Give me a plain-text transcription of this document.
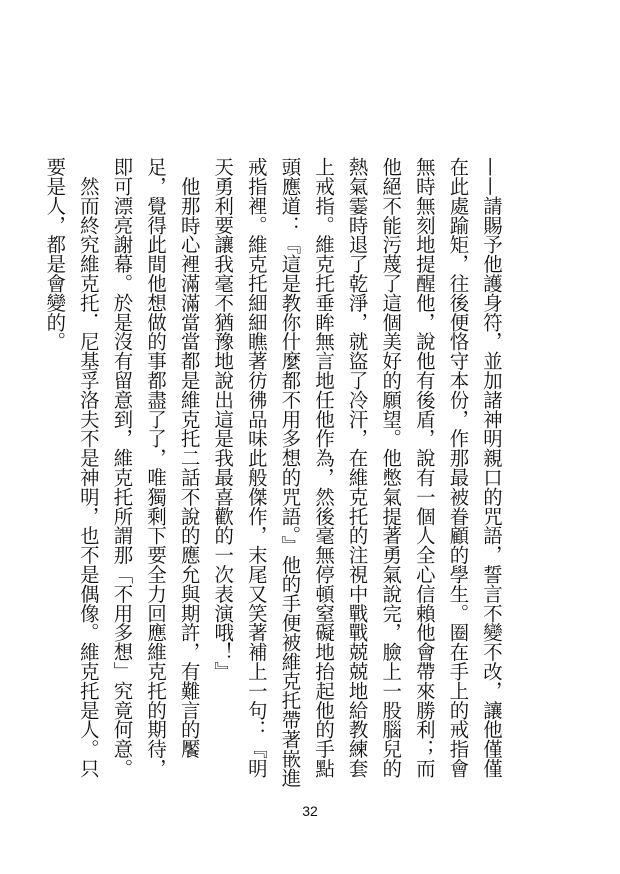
——請賜予他護身符，並加諸神明親口的咒語，誓言不變不改，讓他僅僅在此處踰矩，往後便恪守本份，作那最被眷顧的學生。圈在手上的戒指會無時無刻地提醒他，說他有後盾，說有一個人全心信賴他會帶來勝利；而他絕不能污蔑了這個美好的願望。他憋氣提著勇氣說完，臉上一股腦兒的熱氣霎時退了乾淨，就盜了冷汗，在維克托的注視中戰戰兢兢地給教練套上戒指。維克托垂眸無言地任他作為，然後毫無停頓窒礙地抬起他的手點頭應道：『這是教你什麼都不用多想的咒語。』他的手便被維克托帶著嵌進戒指裡。維克托細細瞧著彷彿品味此般傑作，末尾又笑著補上一句：『明天勇利要讓我毫不猶豫地說出這是我最喜歡的一次表演哦！』

　他那時心裡滿滿當當都是維克托二話不說的應允與期許，有難言的饜足，覺得此間他想做的事都盡了了，唯獨剩下要全力回應維克托的期待，即可漂亮謝幕。於是沒有留意到，維克托所謂那「不用多想」究竟何意。

　然而終究維克托．尼基孚洛夫不是神明，也不是偶像。維克托是人。只要是人，都是會變的。

32
